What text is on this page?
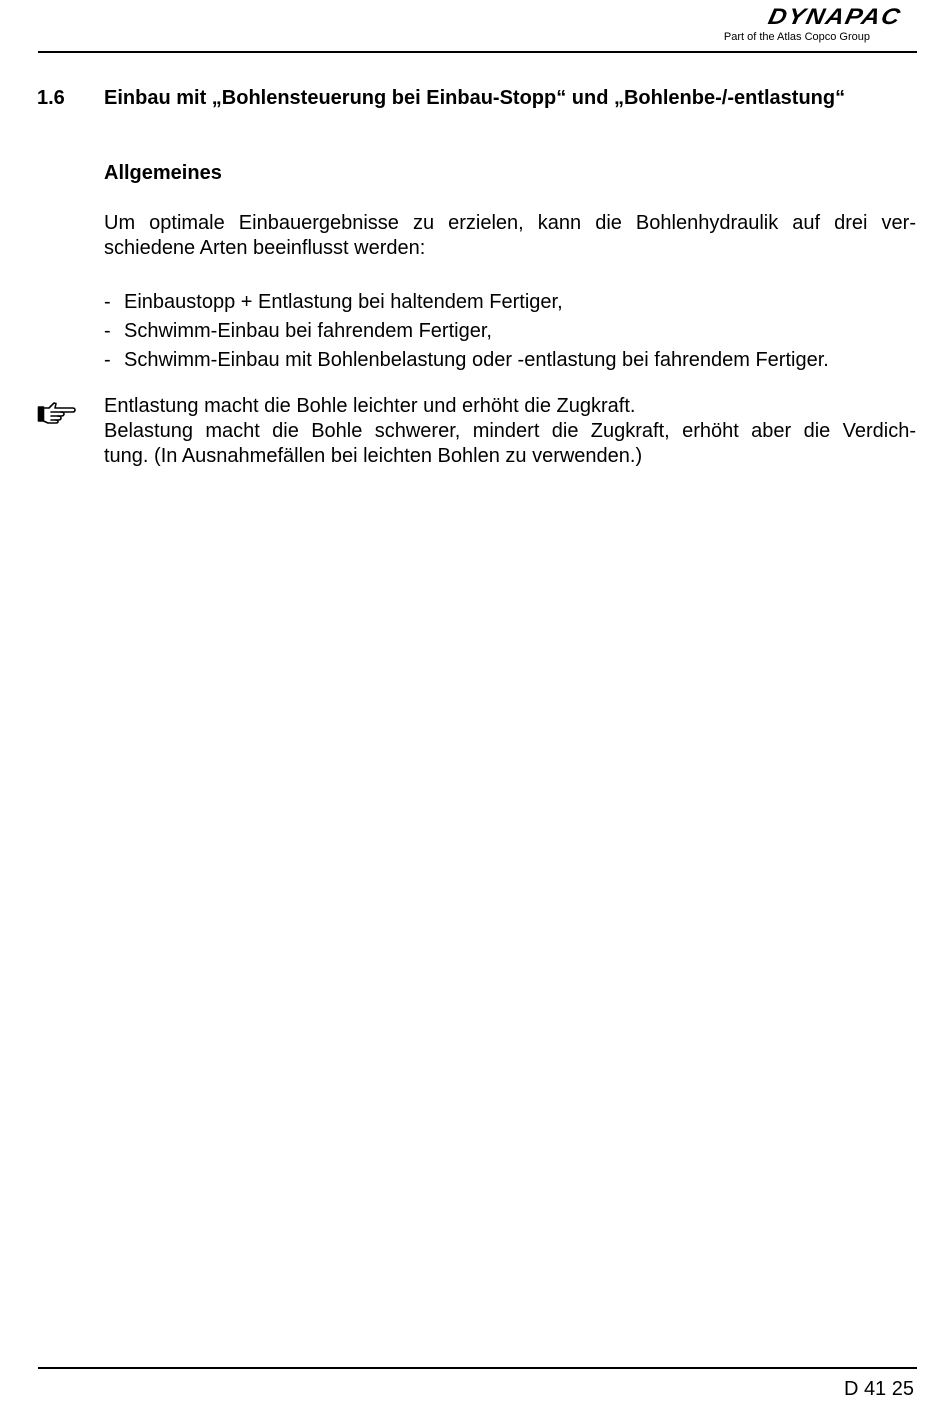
DYNAPAC
Part of the Atlas Copco Group
1.6 Einbau mit „Bohlensteuerung bei Einbau-Stopp“ und „Bohlenbe-/-entlastung“
Allgemeines
Um optimale Einbauergebnisse zu erzielen, kann die Bohlenhydraulik auf drei ver-
schiedene Arten beeinflusst werden:
- Einbaustopp + Entlastung bei haltendem Fertiger,
- Schwimm-Einbau bei fahrendem Fertiger,
- Schwimm-Einbau mit Bohlenbelastung oder -entlastung bei fahrendem Fertiger.
Entlastung macht die Bohle leichter und erhöht die Zugkraft.
Belastung macht die Bohle schwerer, mindert die Zugkraft, erhöht aber die Verdich-
tung. (In Ausnahmefällen bei leichten Bohlen zu verwenden.)
D 41 25
